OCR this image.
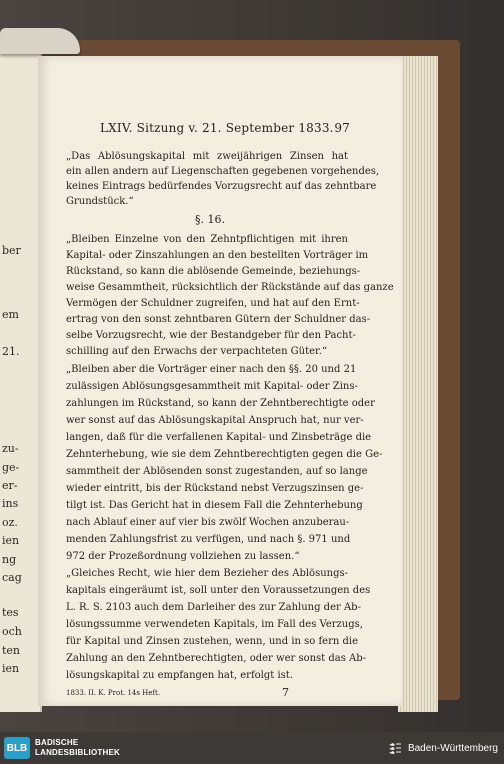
ber
em
21.
zu-
ge-
er-
ins
oz.
ien
ng
cag
tes
och
ten
ien
LXIV. Sitzung v. 21. September 1833. 97
„Das Ablösungskapital mit zweijährigen Zinsen hat
ein allen andern auf Liegenschaften gegebenen vorgehendes,
keines Eintrags bedürfendes Vorzugsrecht auf das zehntbare
Grundstück.“
§. 16.
„Bleiben Einzelne von den Zehntpflichtigen mit ihren
Kapital- oder Zinszahlungen an den bestellten Vorträger im
Rückstand, so kann die ablösende Gemeinde, beziehungs-
weise Gesammtheit, rücksichtlich der Rückstände auf das ganze
Vermögen der Schuldner zugreifen, und hat auf den Ernt-
ertrag von den sonst zehntbaren Gütern der Schuldner das-
selbe Vorzugsrecht, wie der Bestandgeber für den Pacht-
schilling auf den Erwachs der verpachteten Güter.“
„Bleiben aber die Vorträger einer nach den §§. 20 und 21
zulässigen Ablösungsgesammtheit mit Kapital- oder Zins-
zahlungen im Rückstand, so kann der Zehntberechtigte oder
wer sonst auf das Ablösungskapital Anspruch hat, nur ver-
langen, daß für die verfallenen Kapital- und Zinsbeträge die
Zehnterhebung, wie sie dem Zehntberechtigten gegen die Ge-
sammtheit der Ablösenden sonst zugestanden, auf so lange
wieder eintritt, bis der Rückstand nebst Verzugszinsen ge-
tilgt ist. Das Gericht hat in diesem Fall die Zehnterhebung
nach Ablauf einer auf vier bis zwölf Wochen anzuberau-
menden Zahlungsfrist zu verfügen, und nach §. 971 und
972 der Prozeßordnung vollziehen zu lassen.“
„Gleiches Recht, wie hier dem Bezieher des Ablösungs-
kapitals eingeräumt ist, soll unter den Voraussetzungen des
L. R. S. 2103 auch dem Darleiher des zur Zahlung der Ab-
lösungssumme verwendeten Kapitals, im Fall des Verzugs,
für Kapital und Zinsen zustehen, wenn, und in so fern die
Zahlung an den Zehntberechtigten, oder wer sonst das Ab-
lösungskapital zu empfangen hat, erfolgt ist.
1833. II. K. Prot. 14s Heft.	7
BLB BADISCHE
LANDESBIBLIOTHEK	Baden-Württemberg
